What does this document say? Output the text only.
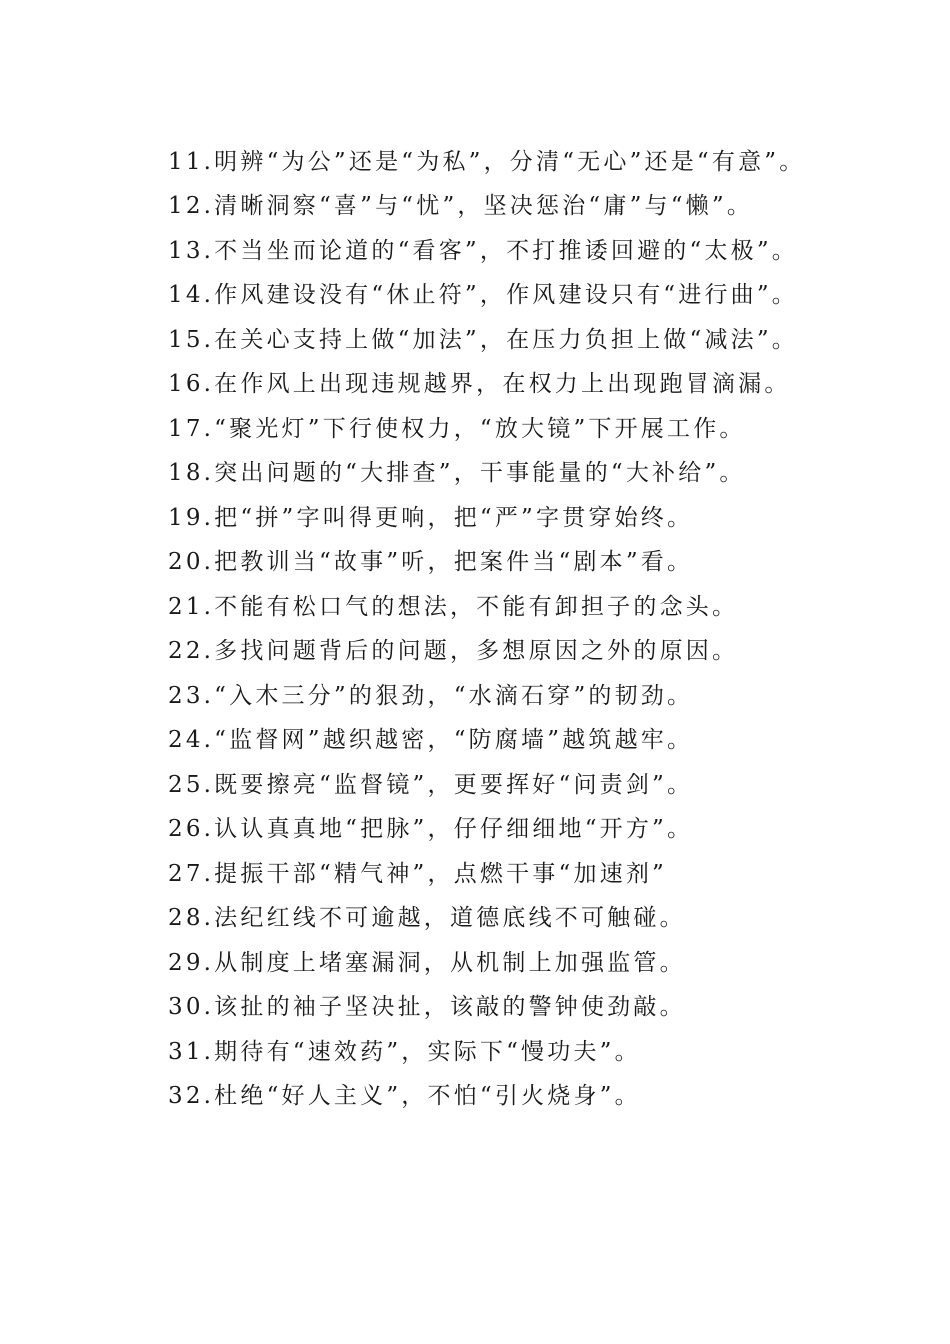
11.明辨“为公”还是“为私”，分清“无心”还是“有意”。

12.清晰洞察“喜”与“忧”，坚决惩治“庸”与“懒”。

13.不当坐而论道的“看客”，不打推诿回避的“太极”。

14.作风建设没有“休止符”，作风建设只有“进行曲”。

15.在关心支持上做“加法”，在压力负担上做“减法”。

16.在作风上出现违规越界，在权力上出现跑冒滴漏。

17.“聚光灯”下行使权力，“放大镜”下开展工作。

18.突出问题的“大排查”，干事能量的“大补给”。

19.把“拼”字叫得更响，把“严”字贯穿始终。

20.把教训当“故事”听，把案件当“剧本”看。

21.不能有松口气的想法，不能有卸担子的念头。

22.多找问题背后的问题，多想原因之外的原因。

23.“入木三分”的狠劲，“水滴石穿”的韧劲。

24.“监督网”越织越密，“防腐墙”越筑越牢。

25.既要擦亮“监督镜”，更要挥好“问责剑”。

26.认认真真地“把脉”，仔仔细细地“开方”。

27.提振干部“精气神”，点燃干事“加速剂”

28.法纪红线不可逾越，道德底线不可触碰。

29.从制度上堵塞漏洞，从机制上加强监管。

30.该扯的袖子坚决扯，该敲的警钟使劲敲。

31.期待有“速效药”，实际下“慢功夫”。

32.杜绝“好人主义”，不怕“引火烧身”。
